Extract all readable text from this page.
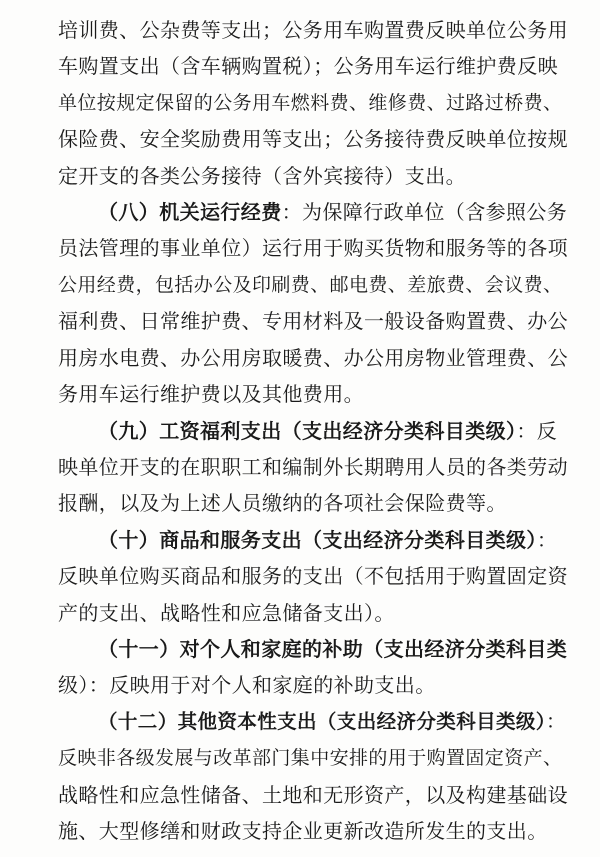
培训费、公杂费等支出；公务用车购置费反映单位公务用
车购置支出（含车辆购置税）；公务用车运行维护费反映
单位按规定保留的公务用车燃料费、维修费、过路过桥费、
保险费、安全奖励费用等支出；公务接待费反映单位按规
定开支的各类公务接待（含外宾接待）支出。
（八）机关运行经费：为保障行政单位（含参照公务
员法管理的事业单位）运行用于购买货物和服务等的各项
公用经费，包括办公及印刷费、邮电费、差旅费、会议费、
福利费、日常维护费、专用材料及一般设备购置费、办公
用房水电费、办公用房取暖费、办公用房物业管理费、公
务用车运行维护费以及其他费用。
（九）工资福利支出（支出经济分类科目类级）：反
映单位开支的在职职工和编制外长期聘用人员的各类劳动
报酬，以及为上述人员缴纳的各项社会保险费等。
（十）商品和服务支出（支出经济分类科目类级）：
反映单位购买商品和服务的支出（不包括用于购置固定资
产的支出、战略性和应急储备支出）。
（十一）对个人和家庭的补助（支出经济分类科目类
级）：反映用于对个人和家庭的补助支出。
（十二）其他资本性支出（支出经济分类科目类级）：
反映非各级发展与改革部门集中安排的用于购置固定资产、
战略性和应急性储备、土地和无形资产，以及构建基础设
施、大型修缮和财政支持企业更新改造所发生的支出。
